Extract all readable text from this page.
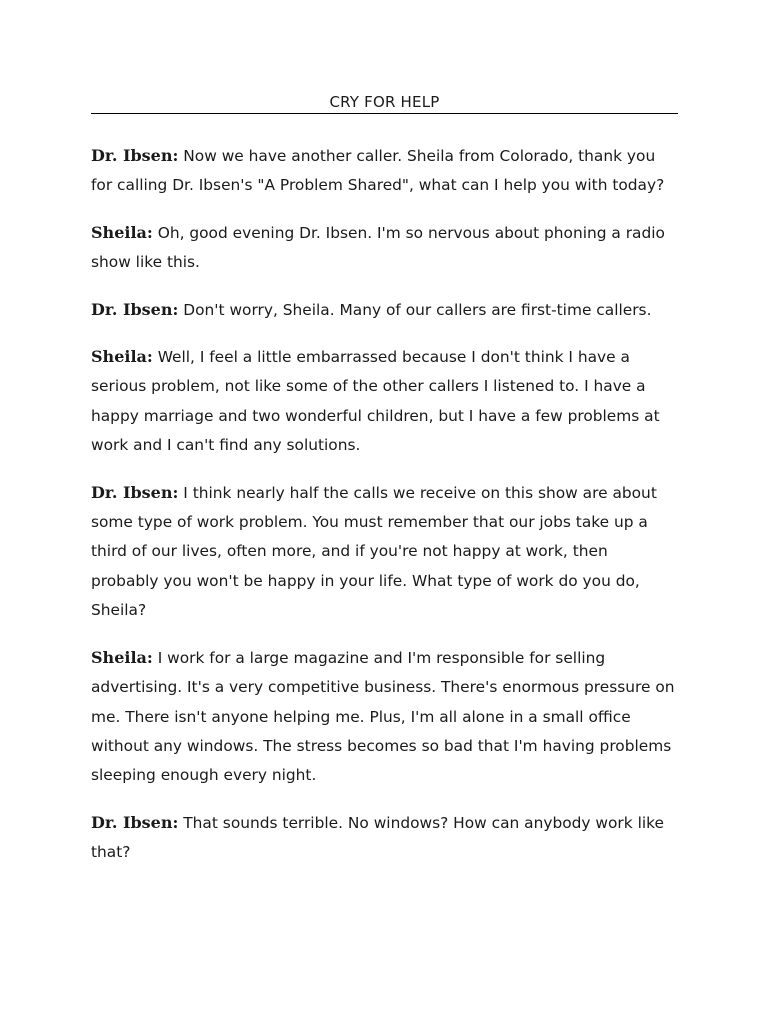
CRY FOR HELP

Dr. Ibsen: Now we have another caller. Sheila from Colorado, thank you for calling Dr. Ibsen's "A Problem Shared", what can I help you with today?

Sheila: Oh, good evening Dr. Ibsen. I'm so nervous about phoning a radio show like this.

Dr. Ibsen: Don't worry, Sheila. Many of our callers are first-time callers.

Sheila: Well, I feel a little embarrassed because I don't think I have a serious problem, not like some of the other callers I listened to. I have a happy marriage and two wonderful children, but I have a few problems at work and I can't find any solutions.

Dr. Ibsen: I think nearly half the calls we receive on this show are about some type of work problem. You must remember that our jobs take up a third of our lives, often more, and if you're not happy at work, then probably you won't be happy in your life. What type of work do you do, Sheila?

Sheila: I work for a large magazine and I'm responsible for selling advertising. It's a very competitive business. There's enormous pressure on me. There isn't anyone helping me. Plus, I'm all alone in a small office without any windows. The stress becomes so bad that I'm having problems sleeping enough every night.

Dr. Ibsen: That sounds terrible. No windows? How can anybody work like that?
